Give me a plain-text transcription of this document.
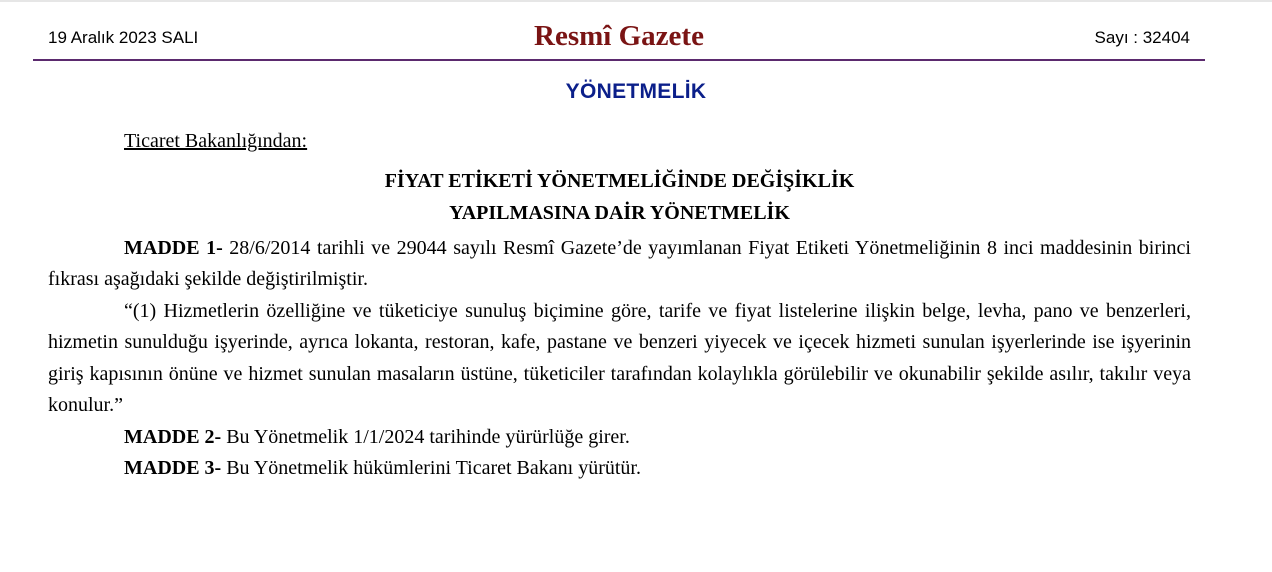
19 Aralık 2023 SALI	Resmî Gazete	Sayı : 32404
YÖNETMELİK
Ticaret Bakanlığından:
FİYAT ETİKETİ YÖNETMELİĞİNDE DEĞİŞİKLİK
YAPILMASINA DAİR YÖNETMELİK

MADDE 1- 28/6/2014 tarihli ve 29044 sayılı Resmî Gazete’de yayımlanan Fiyat Etiketi Yönetmeliğinin 8 inci maddesinin birinci fıkrası aşağıdaki şekilde değiştirilmiştir.

“(1) Hizmetlerin özelliğine ve tüketiciye sunuluş biçimine göre, tarife ve fiyat listelerine ilişkin belge, levha, pano ve benzerleri, hizmetin sunulduğu işyerinde, ayrıca lokanta, restoran, kafe, pastane ve benzeri yiyecek ve içecek hizmeti sunulan işyerlerinde ise işyerinin giriş kapısının önüne ve hizmet sunulan masaların üstüne, tüketiciler tarafından kolaylıkla görülebilir ve okunabilir şekilde asılır, takılır veya konulur.”

MADDE 2- Bu Yönetmelik 1/1/2024 tarihinde yürürlüğe girer.

MADDE 3- Bu Yönetmelik hükümlerini Ticaret Bakanı yürütür.
